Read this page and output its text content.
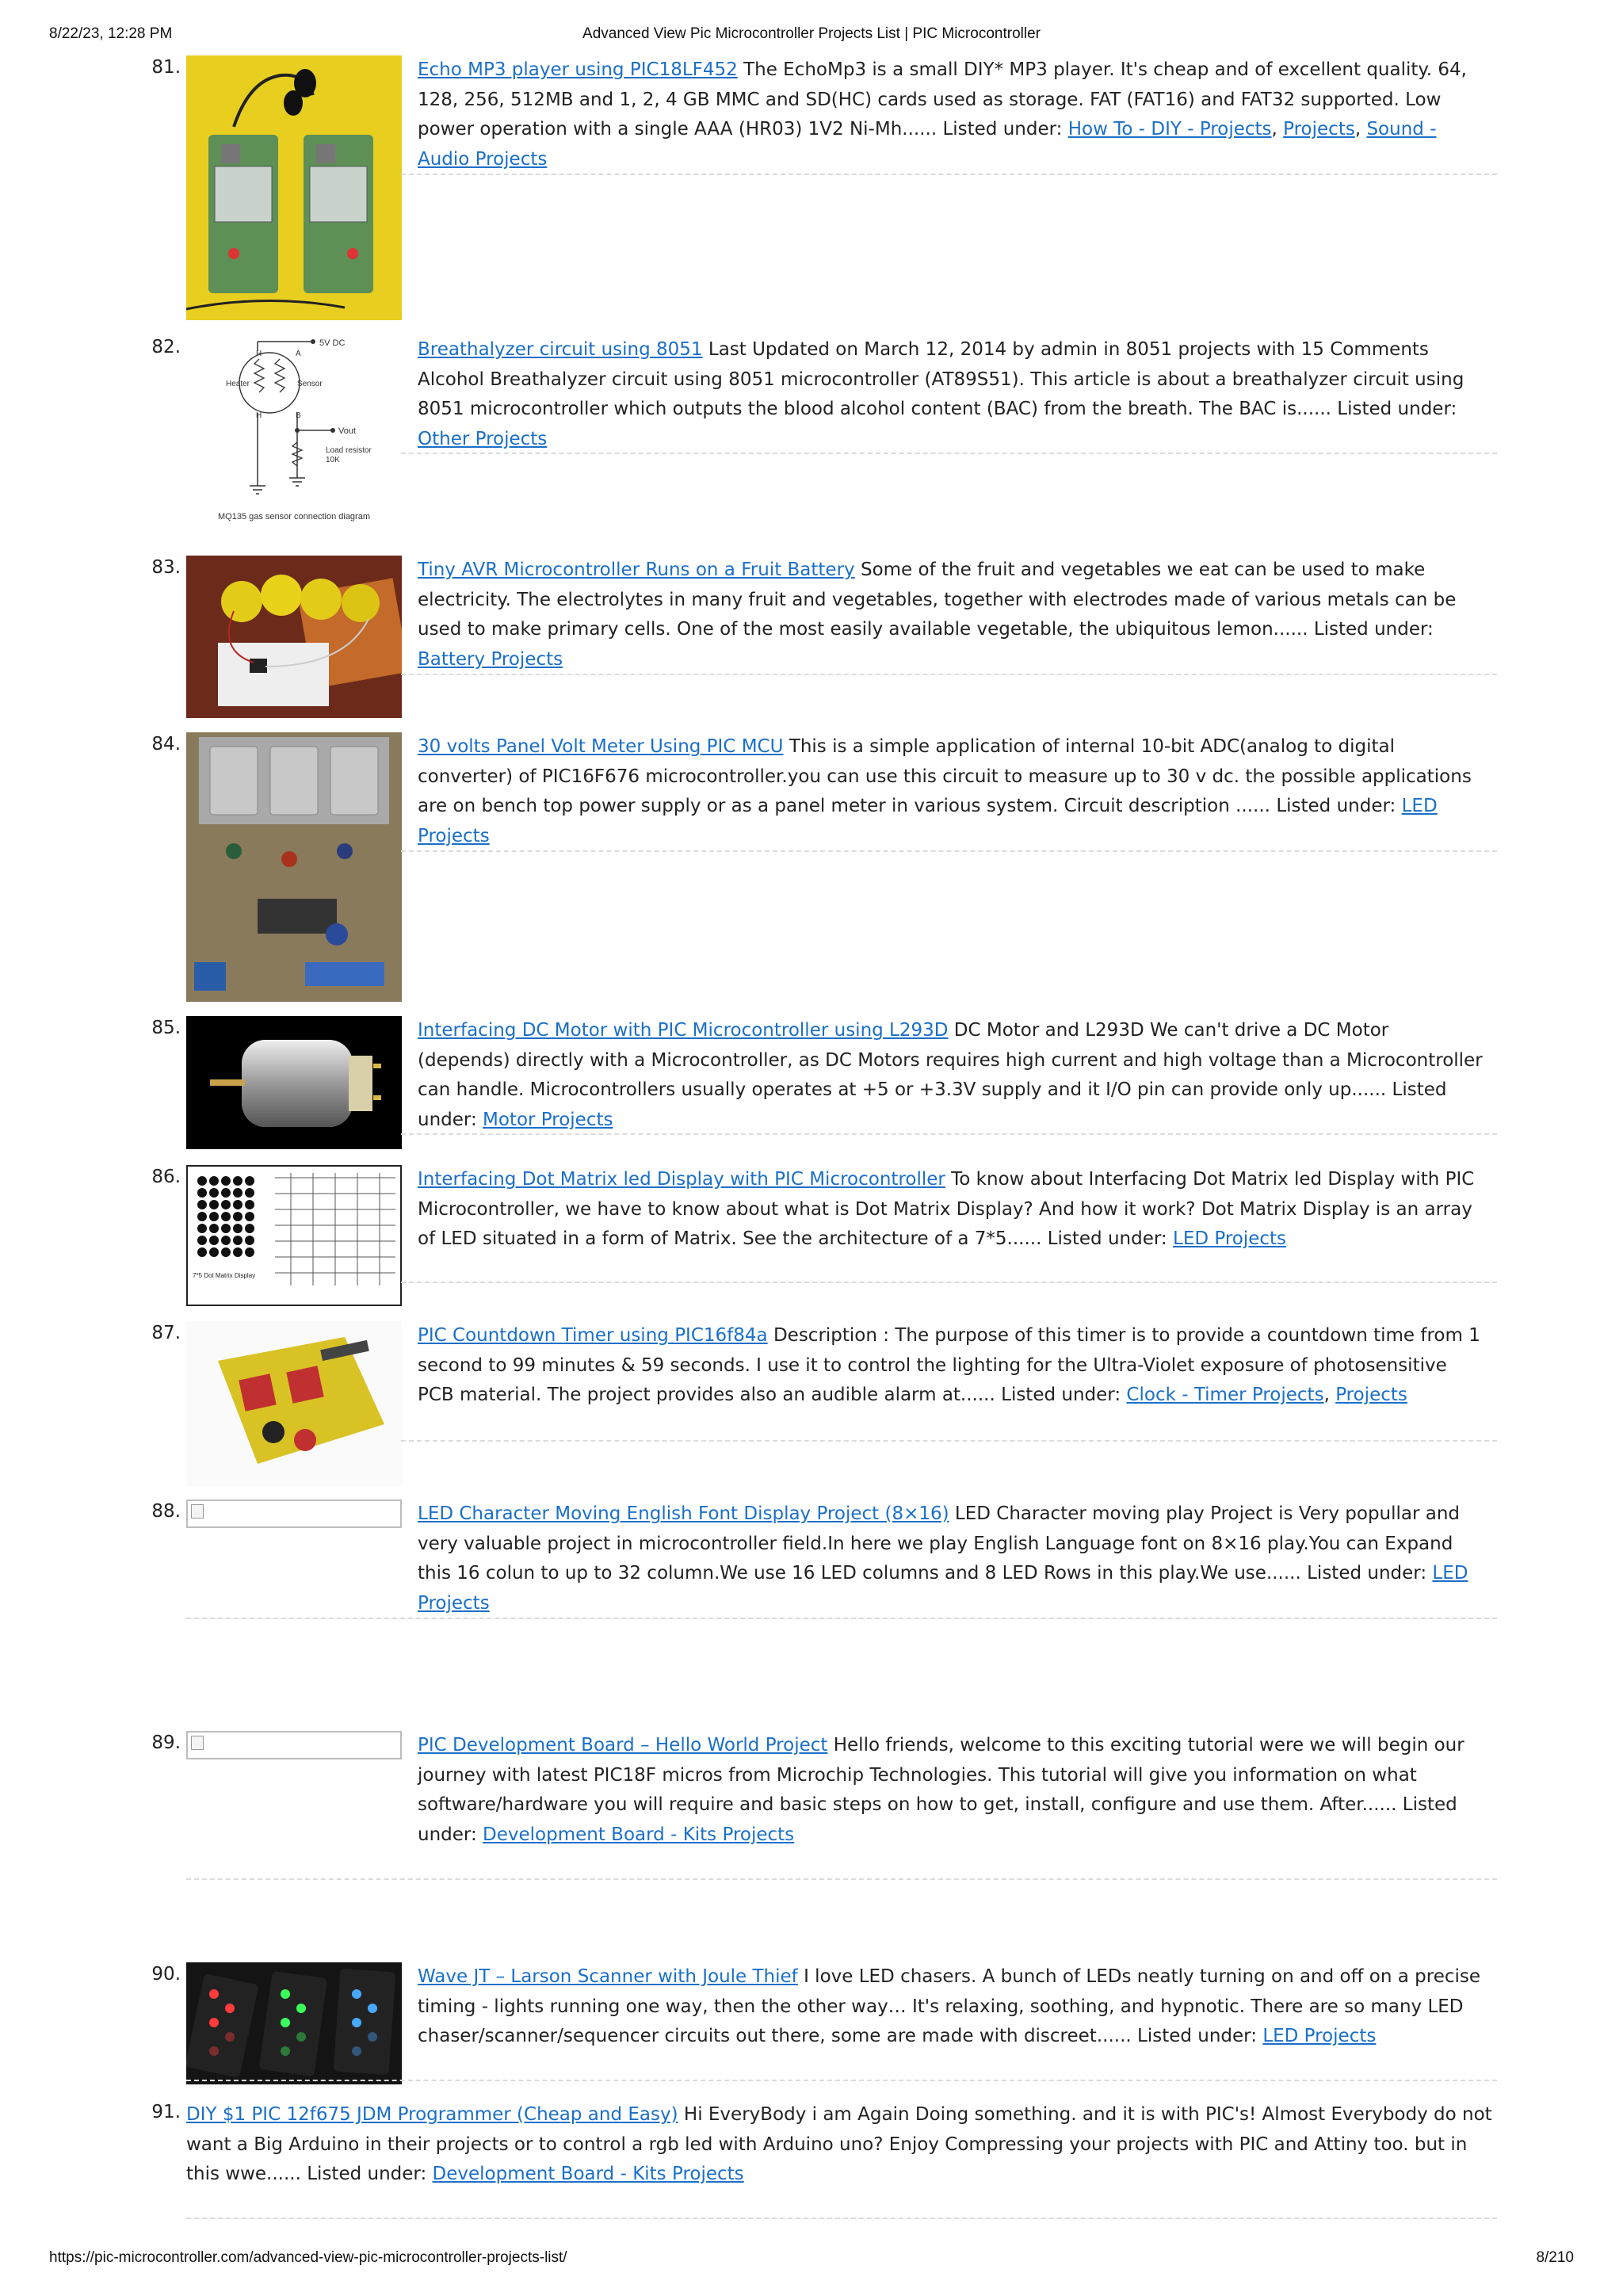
8/22/23, 12:28 PM	Advanced View Pic Microcontroller Projects List | PIC Microcontroller
81.	Echo MP3 player using PIC18LF452 The EchoMp3 is a small DIY* MP3 player. It's cheap and of excellent quality. 64, 128, 256, 512MB and 1, 2, 4 GB MMC and SD(HC) cards used as storage. FAT (FAT16) and FAT32 supported. Low power operation with a single AAA (HR03) 1V2 Ni-Mh...... Listed under: How To - DIY - Projects, Projects, Sound - Audio Projects
82.	5V DC
H	A
H	B
Heater	Sensor
Vout
Load resistor
10K
MQ135 gas sensor connection diagram
Breathalyzer circuit using 8051 Last Updated on March 12, 2014 by admin in 8051 projects with 15 Comments Alcohol Breathalyzer circuit using 8051 microcontroller (AT89S51). This article is about a breathalyzer circuit using 8051 microcontroller which outputs the blood alcohol content (BAC) from the breath. The BAC is...... Listed under: Other Projects
83.	Tiny AVR Microcontroller Runs on a Fruit Battery Some of the fruit and vegetables we eat can be used to make electricity. The electrolytes in many fruit and vegetables, together with electrodes made of various metals can be used to make primary cells. One of the most easily available vegetable, the ubiquitous lemon...... Listed under: Battery Projects
84.	30 volts Panel Volt Meter Using PIC MCU This is a simple application of internal 10-bit ADC(analog to digital converter) of PIC16F676 microcontroller.you can use this circuit to measure up to 30 v dc. the possible applications are on bench top power supply or as a panel meter in various system. Circuit description ...... Listed under: LED Projects
85.	Interfacing DC Motor with PIC Microcontroller using L293D DC Motor and L293D We can't drive a DC Motor (depends) directly with a Microcontroller, as DC Motors requires high current and high voltage than a Microcontroller can handle. Microcontrollers usually operates at +5 or +3.3V supply and it I/O pin can provide only up...... Listed under: Motor Projects
86.
7*5 Dot Matrix Display
Interfacing Dot Matrix led Display with PIC Microcontroller To know about Interfacing Dot Matrix led Display with PIC Microcontroller, we have to know about what is Dot Matrix Display? And how it work? Dot Matrix Display is an array of LED situated in a form of Matrix. See the architecture of a 7*5...... Listed under: LED Projects
87.	PIC Countdown Timer using PIC16f84a Description : The purpose of this timer is to provide a countdown time from 1 second to 99 minutes & 59 seconds. I use it to control the lighting for the Ultra-Violet exposure of photosensitive PCB material. The project provides also an audible alarm at...... Listed under: Clock - Timer Projects, Projects
88.	LED Character Moving English Font Display Project (8×16) LED Character moving play Project is Very popullar and very valuable project in microcontroller field.In here we play English Language font on 8×16 play.You can Expand this 16 colun to up to 32 column.We use 16 LED columns and 8 LED Rows in this play.We use...... Listed under: LED Projects
89.	PIC Development Board – Hello World Project Hello friends, welcome to this exciting tutorial were we will begin our journey with latest PIC18F micros from Microchip Technologies. This tutorial will give you information on what software/hardware you will require and basic steps on how to get, install, configure and use them. After...... Listed under: Development Board - Kits Projects
90.	Wave JT – Larson Scanner with Joule Thief I love LED chasers. A bunch of LEDs neatly turning on and off on a precise timing - lights running one way, then the other way… It's relaxing, soothing, and hypnotic. There are so many LED chaser/scanner/sequencer circuits out there, some are made with discreet...... Listed under: LED Projects
91. DIY $1 PIC 12f675 JDM Programmer (Cheap and Easy) Hi EveryBody i am Again Doing something. and it is with PIC's! Almost Everybody do not want a Big Arduino in their projects or to control a rgb led with Arduino uno? Enjoy Compressing your projects with PIC and Attiny too. but in this wwe...... Listed under: Development Board - Kits Projects
https://pic-microcontroller.com/advanced-view-pic-microcontroller-projects-list/	8/210
